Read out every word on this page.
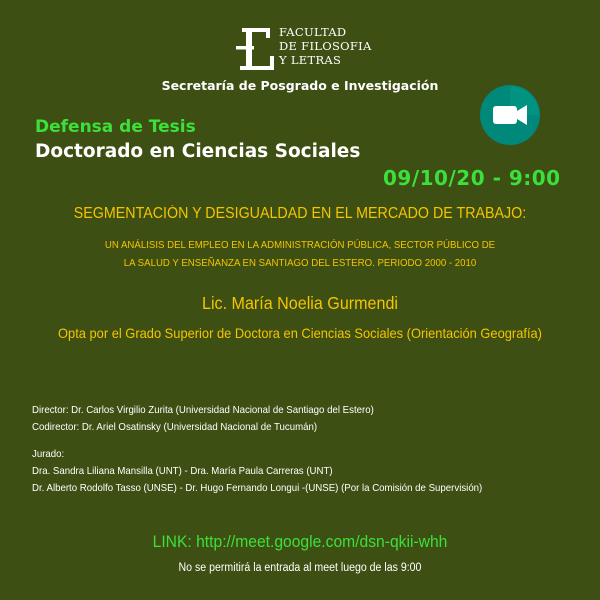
FACULTAD
DE FILOSOFIA
Y LETRAS
Secretaría de Posgrado e Investigación
Defensa de Tesis
Doctorado en Ciencias Sociales
09/10/20 - 9:00
SEGMENTACIÓN Y DESIGUALDAD EN EL MERCADO DE TRABAJO:
UN ANÁLISIS DEL EMPLEO EN LA ADMINISTRACIÓN PÚBLICA, SECTOR PÚBLICO DE
LA SALUD Y ENSEÑANZA EN SANTIAGO DEL ESTERO. PERIODO 2000 - 2010
Lic. María Noelia Gurmendi
Opta por el Grado Superior de Doctora en Ciencias Sociales (Orientación Geografía)
Director: Dr. Carlos Virgilio Zurita (Universidad Nacional de Santiago del Estero)
Codirector: Dr. Ariel Osatinsky (Universidad Nacional de Tucumán)
Jurado:
Dra. Sandra Liliana Mansilla (UNT) - Dra. María Paula Carreras (UNT)
Dr. Alberto Rodolfo Tasso (UNSE) - Dr. Hugo Fernando Longui -(UNSE) (Por la Comisión de Supervisión)
LINK: http://meet.google.com/dsn-qkii-whh
No se permitirá la entrada al meet luego de las 9:00
